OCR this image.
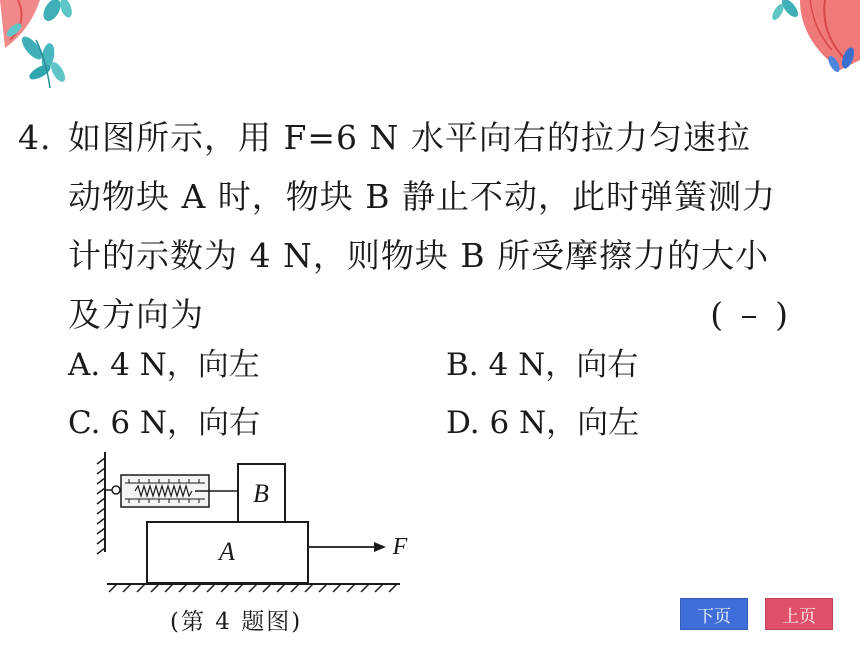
4. 如图所示，用 F=6 N 水平向右的拉力匀速拉
动物块 A 时，物块 B 静止不动，此时弹簧测力
计的示数为 4 N，则物块 B 所受摩擦力的大小
及方向为	( )
A. 4 N，向左	B. 4 N，向右
C. 6 N，向右	D. 6 N，向左
B
A	F
(第 4 题图)	下页	上页
